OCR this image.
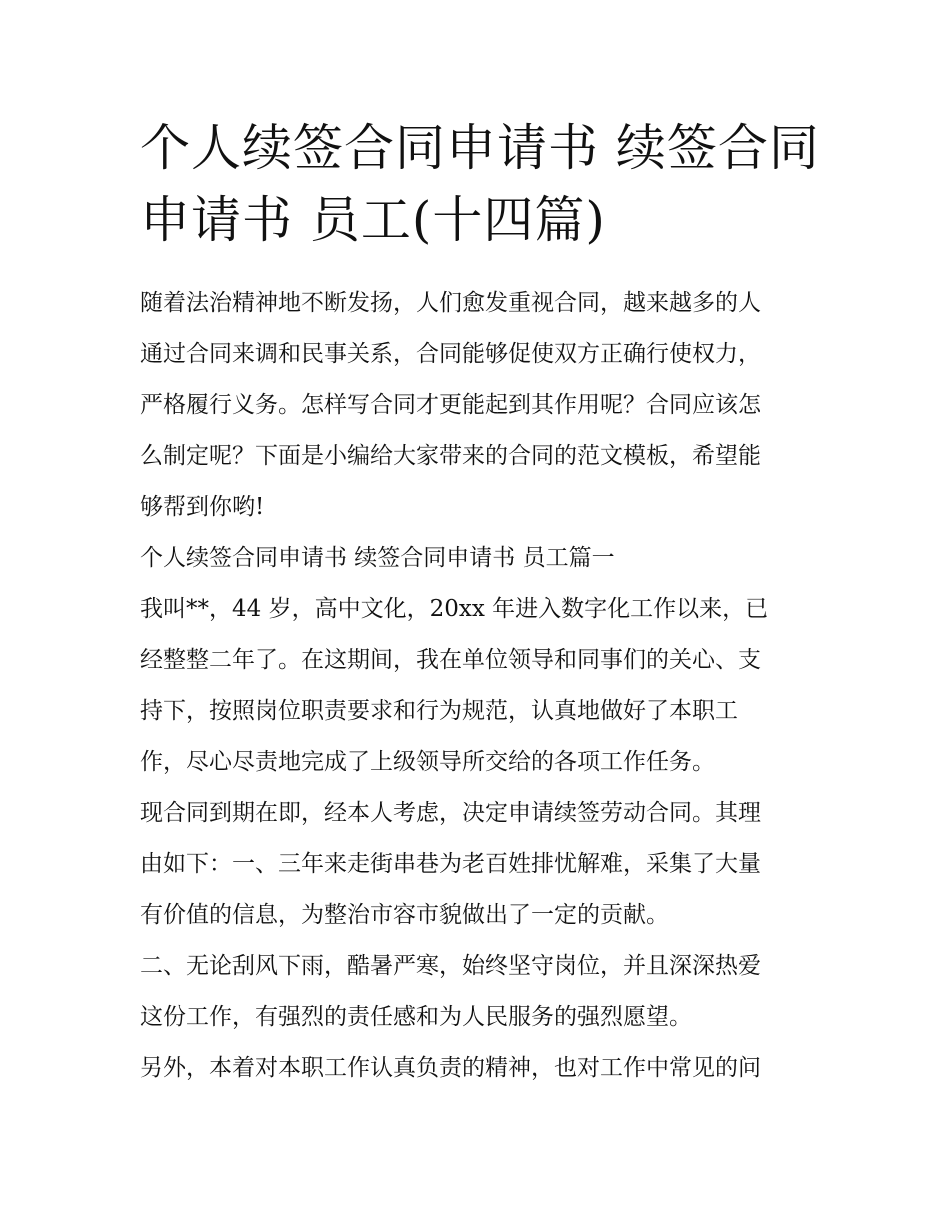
个人续签合同申请书 续签合同
申请书 员工(十四篇)
随着法治精神地不断发扬，人们愈发重视合同，越来越多的人
通过合同来调和民事关系，合同能够促使双方正确行使权力，
严格履行义务。怎样写合同才更能起到其作用呢？合同应该怎
么制定呢？下面是小编给大家带来的合同的范文模板，希望能
够帮到你哟!
个人续签合同申请书 续签合同申请书 员工篇一
我叫**，44 岁，高中文化，20xx 年进入数字化工作以来，已
经整整二年了。在这期间，我在单位领导和同事们的关心、支
持下，按照岗位职责要求和行为规范，认真地做好了本职工
作，尽心尽责地完成了上级领导所交给的各项工作任务。
现合同到期在即，经本人考虑，决定申请续签劳动合同。其理
由如下：一、三年来走街串巷为老百姓排忧解难，采集了大量
有价值的信息，为整治市容市貌做出了一定的贡献。
二、无论刮风下雨，酷暑严寒，始终坚守岗位，并且深深热爱
这份工作，有强烈的责任感和为人民服务的强烈愿望。
另外，本着对本职工作认真负责的精神，也对工作中常见的问
